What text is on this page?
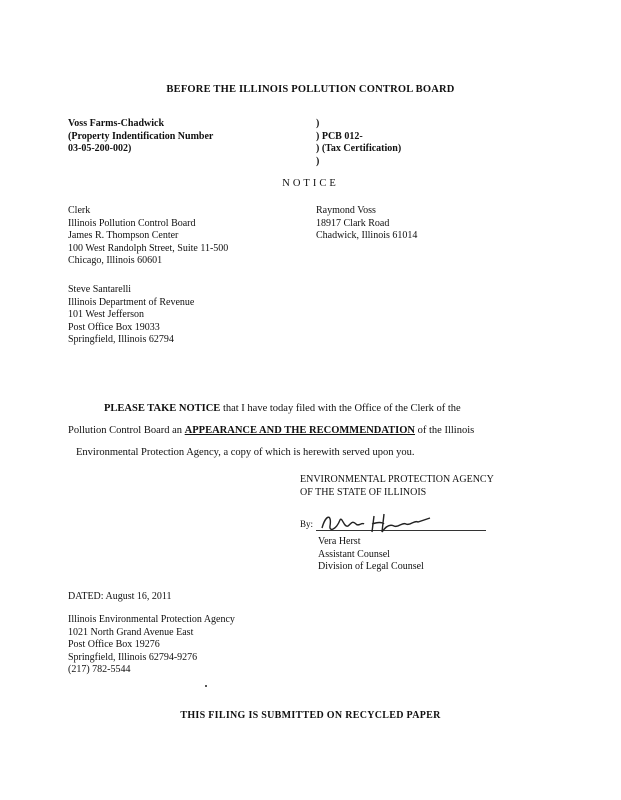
BEFORE THE ILLINOIS POLLUTION CONTROL BOARD
Voss Farms-Chadwick
(Property Indentification Number
03-05-200-002)
)
) PCB 012-
) (Tax Certification)
)
NOTICE
Clerk
Illinois Pollution Control Board
James R. Thompson Center
100 West Randolph Street, Suite 11-500
Chicago, Illinois 60601
Raymond Voss
18917 Clark Road
Chadwick, Illinois 61014
Steve Santarelli
Illinois Department of Revenue
101 West Jefferson
Post Office Box 19033
Springfield, Illinois 62794
PLEASE TAKE NOTICE that I have today filed with the Office of the Clerk of the
Pollution Control Board an APPEARANCE AND THE RECOMMENDATION of the Illinois
Environmental Protection Agency, a copy of which is herewith served upon you.
ENVIRONMENTAL PROTECTION AGENCY
OF THE STATE OF ILLINOIS
By:
Vera Herst
Assistant Counsel
Division of Legal Counsel
DATED: August 16, 2011
Illinois Environmental Protection Agency
1021 North Grand Avenue East
Post Office Box 19276
Springfield, Illinois 62794-9276
(217) 782-5544
THIS FILING IS SUBMITTED ON RECYCLED PAPER
